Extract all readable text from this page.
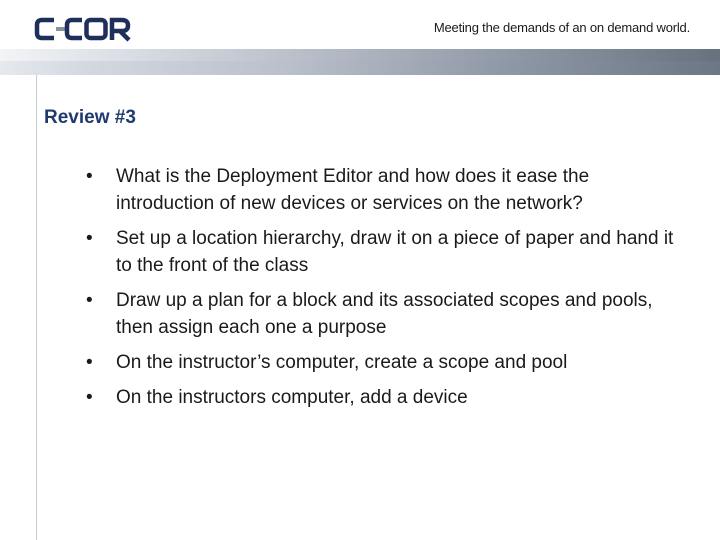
Meeting the demands of an on demand world.
Review #3
•	What is the Deployment Editor and how does it ease the introduction of new devices or services on the network?
•	Set up a location hierarchy, draw it on a piece of paper and hand it to the front of the class
•	Draw up a plan for a block and its associated scopes and pools, then assign each one a purpose
•	On the instructor’s computer, create a scope and pool
•	On the instructors computer, add a device
